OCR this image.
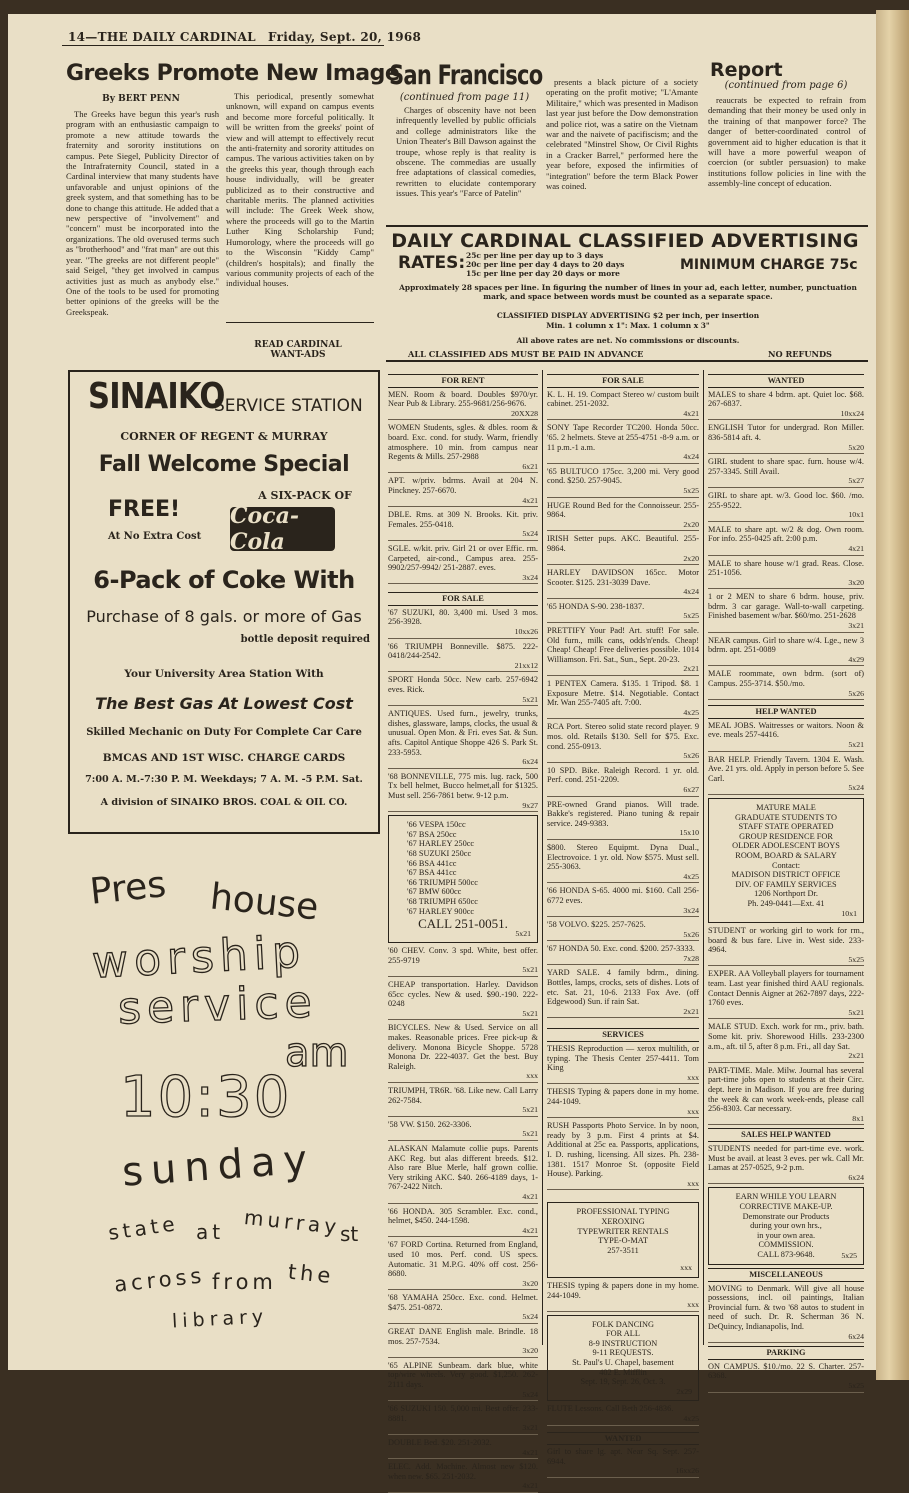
14—THE DAILY CARDINAL Friday, Sept. 20, 1968
Greeks Promote New Image
By BERT PENN

The Greeks have begun this year's rush program with an enthusiastic campaign to promote a new attitude towards the fraternity and sorority institutions on campus. Pete Siegel, Publicity Director of the Intrafraternity Council, stated in a Cardinal interview that many students have unfavorable and unjust opinions of the greek system, and that something has to be done to change this attitude. He added that a new perspective of "involvement" and "concern" must be incorporated into the organizations. The old overused terms such as "brotherhood" and "frat man" are out this year. "The greeks are not different people" said Seigel, "they get involved in campus activities just as much as anybody else." One of the tools to be used for promoting better opinions of the greeks will be the Greekspeak.

This periodical, presently somewhat unknown, will expand on campus events and become more forceful politically. It will be written from the greeks' point of view and will attempt to effectively recut the anti-fraternity and sorority attitudes on campus. The various activities taken on by the greeks this year, though through each house individually, will be greater publicized as to their constructive and charitable merits. The planned activities will include: The Greek Week show, where the proceeds will go to the Martin Luther King Scholarship Fund; Humorology, where the proceeds will go to the Wisconsin "Kiddy Camp" (children's hospitals); and finally the various community projects of each of the individual houses.

READ CARDINAL WANT-ADS
San Francisco
(continued from page 11)

Charges of obscenity have not been infrequently levelled by public officials and college administrators like the Union Theater's Bill Dawson against the troupe, whose reply is that reality is obscene. The commedias are usually free adaptations of classical comedies, rewritten to elucidate contemporary issues. This year's "Farce of Patelin"

presents a black picture of a society operating on the profit motive; "L'Amante Militaire," which was presented in Madison last year just before the Dow demonstration and police riot, was a satire on the Vietnam war and the naivete of pacifiscism; and the celebrated "Minstrel Show, Or Civil Rights in a Cracker Barrel," performed here the year before, exposed the infirmities of "integration" before the term Black Power was coined.

Report
(continued from page 6)

reaucrats be expected to refrain from demanding that their money be used only in the training of that manpower force? The danger of better-coordinated control of government aid to higher education is that it will have a more powerful weapon of coercion (or subtler persuasion) to make institutions follow policies in line with the assembly-line concept of education.

DAILY CARDINAL CLASSIFIED ADVERTISING
RATES: 25c per line per day up to 3 days
20c per line per day 4 days to 20 days
15c per line per day 20 days or more
MINIMUM CHARGE 75c
Approximately 28 spaces per line. In figuring the number of lines in your ad, each letter, number, punctuation mark, and space between words must be counted as a separate space.
CLASSIFIED DISPLAY ADVERTISING $2 per inch, per insertion
Min. 1 column x 1": Max. 1 column x 3"
All above rates are net. No commissions or discounts.
ALL CLASSIFIED ADS MUST BE PAID IN ADVANCE	NO REFUNDS
SINAIKO
SERVICE STATION
CORNER OF REGENT & MURRAY
Fall Welcome Special
A SIX-PACK OF
FREE!
At No Extra Cost
Coca-Cola
6-Pack of Coke With
Purchase of 8 gals. or more of Gas
bottle deposit required
Your University Area Station With
The Best Gas At Lowest Cost
Skilled Mechanic on Duty For Complete Car Care
BMCAS AND 1ST WISC. CHARGE CARDS
7:00 A. M.-7:30 P. M. Weekdays; 7 A. M. -5 P.M. Sat.
A division of SINAIKO BROS. COAL & OIL CO.
Pres house
worship
service
10:30
am
sunday
state at murray
st
across from the
library
FOR RENT
MEN. Room & board. Doubles $970/yr. Near Pub & Library. 255-9681/256-9676.
20XX28
WOMEN Students, sgles. & dbles. room & board. Exc. cond. for study. Warm, friendly atmosphere. 10 min. from campus near Regents & Mills. 257-2988
6x21
APT. w/priv. bdrms. Avail at 204 N. Pinckney. 257-6670.
4x21
DBLE. Rms. at 309 N. Brooks. Kit. priv. Females. 255-0418.
5x24
SGLE. w/kit. priv. Girl 21 or over Effic. rm. Carpeted, air-cond., Campus area. 255-9902/257-9942/ 251-2887. eves.
3x24
FOR SALE
'67 SUZUKI, 80. 3,400 mi. Used 3 mos. 256-3928.
10xx26
'66 TRIUMPH Bonneville. $875. 222-0418/244-2542.
21xx12
SPORT Honda 50cc. New carb. 257-6942 eves. Rick.
5x21
ANTIQUES. Used furn., jewelry, trunks, dishes, glassware, lamps, clocks, the usual & unusual. Open Mon. & Fri. eves Sat. & Sun. afts. Capitol Antique Shoppe 426 S. Park St. 233-5953.
6x24
'68 BONNEVILLE, 775 mis. lug. rack, 500 Tx bell helmet, Bucco helmet,all for $1325. Must sell. 256-7861 betw. 9-12 p.m.
9x27
'66 VESPA 150cc
'67 BSA 250cc
'67 HARLEY 250cc
'68 SUZUKI 250cc
'66 BSA 441cc
'67 BSA 441cc
'66 TRIUMPH 500cc
'67 BMW 600cc
'68 TRIUMPH 650cc
'67 HARLEY 900cc
CALL 251-0051.
5x21
'60 CHEV. Conv. 3 spd. White, best offer. 255-9719
5x21
CHEAP transportation. Harley. Davidson 65cc cycles. New & used. $90.-190. 222-0248
5x21
BICYCLES. New & Used. Service on all makes. Reasonable prices. Free pick-up & delivery. Monona Bicycle Shoppe. 5728 Monona Dr. 222-4037. Get the best. Buy Raleigh.
xxx
TRIUMPH, TR6R. '68. Like new. Call Larry 262-7584.
5x21
'58 VW. $150. 262-3306.
5x21
ALASKAN Malamute collie pups. Parents AKC Reg. but alas different breeds. $12. Also rare Blue Merle, half grown collie. Very striking AKC. $40. 266-4189 days, 1-767-2422 Nitch.
4x21
'66 HONDA. 305 Scrambler. Exc. cond., helmet, $450. 244-1598.
4x21
'67 FORD Cortina. Returned from England, used 10 mos. Perf. cond. US specs. Automatic. 31 M.P.G. 40% off cost. 256-8680.
3x20
'68 YAMAHA 250cc. Exc. cond. Helmet. $475. 251-0872.
5x24
GREAT DANE English male. Brindle. 18 mos. 257-7534.
3x20
'65 ALPINE Sunbeam. dark blue, white top/wire wheels. Very good. $1,250. 262-2111 days.
5x24
'66 SUZUKI 150. 5,000 mi. Best offer. 233-8881.
3x21
DOUBLE Bed. $20. 251-2032.
4x21
ELEC. Add. Machine. Almost new $120. when new. $65. 251-2032.
4x21
FOR SALE
K. L. H. 19. Compact Stereo w/ custom built cabinet. 251-2032.
4x21
SONY Tape Recorder TC200. Honda 50cc. '65. 2 helmets. Steve at 255-4751 -8-9 a.m. or 11 p.m.-1 a.m.
4x24
'65 BULTUCO 175cc. 3,200 mi. Very good cond. $250. 257-9045.
5x25
HUGE Round Bed for the Connoisseur. 255-9864.
2x20
IRISH Setter pups. AKC. Beautiful. 255-9864.
2x20
HARLEY DAVIDSON 165cc. Motor Scooter. $125. 231-3039 Dave.
4x24
'65 HONDA S-90. 238-1837.
5x25
PRETTIFY Your Pad! Art. stuff! For sale. Old furn., milk cans, odds'n'ends. Cheap! Cheap! Cheap! Free deliveries possible. 1014 Williamson. Fri. Sat., Sun., Sept. 20-23.
2x21
1 PENTEX Camera. $135. 1 Tripod. $8. 1 Exposure Metre. $14. Negotiable. Contact Mr. Wan 255-7405 aft. 7:00.
4x25
RCA Port. Stereo solid state record player. 9 mos. old. Retails $130. Sell for $75. Exc. cond. 255-0913.
5x26
10 SPD. Bike. Raleigh Record. 1 yr. old. Perf. cond. 251-2209.
6x27
PRE-owned Grand pianos. Will trade. Bakke's registered. Piano tuning & repair service. 249-9383.
15x10
$800. Stereo Equipmt. Dyna Dual., Electrovoice. 1 yr. old. Now $575. Must sell. 255-3063.
4x25
'66 HONDA S-65. 4000 mi. $160. Call 256-6772 eves.
3x24
'58 VOLVO. $225. 257-7625.
5x26
'67 HONDA 50. Exc. cond. $200. 257-3333.
7x28
YARD SALE. 4 family bdrm., dining. Bottles, lamps, crocks, sets of dishes. Lots of etc. Sat. 21, 10-6. 2133 Fox Ave. (off Edgewood) Sun. if rain Sat.
2x21
SERVICES
THESIS Reproduction — xerox multilith, or typing. The Thesis Center 257-4411. Tom King
xxx
THESIS Typing & papers done in my home. 244-1049.
xxx
RUSH Passports Photo Service. In by noon, ready by 3 p.m. First 4 prints at $4. Additional at 25c ea. Passports, applications, I. D. rushing, licensing. All sizes. Ph. 238-1381. 1517 Monroe St. (opposite Field House). Parking.
xxx
PROFESSIONAL TYPING
XEROXING
TYPEWRITER RENTALS
TYPE-O-MAT
257-3511
xxx
THESIS typing & papers done in my home. 244-1049.
xxx
FOLK DANCING
FOR ALL
8-9 INSTRUCTION
9-11 REQUESTS.
St. Paul's U. Chapel, basement
402 E. Mifflin
Sept. 19, Sept. 26, Oct. 3.
2x29
FLUTE Lessons. Call Beth 256-4836.
4x25
WANTED
Girl to share lg. apt. Near Sq. Sept. 257-6944.
16xx26
WANTED
MALES to share 4 bdrm. apt. Quiet loc. $68. 267-6837.
10xx24
ENGLISH Tutor for undergrad. Ron Miller. 836-5814 aft. 4.
5x20
GIRL student to share spac. furn. house w/4. 257-3345. Still Avail.
5x27
GIRL to share apt. w/3. Good loc. $60. /mo. 255-9522.
10x1
MALE to share apt. w/2 & dog. Own room. For info. 255-0425 aft. 2:00 p.m.
4x21
MALE to share house w/1 grad. Reas. Close. 251-1056.
3x20
1 or 2 MEN to share 6 bdrm. house, priv. bdrm. 3 car garage. Wall-to-wall carpeting. Finished basement w/bar. $60/mo. 251-2628
3x21
NEAR campus. Girl to share w/4. Lge., new 3 bdrm. apt. 251-0089
4x29
MALE roommate, own bdrm. (sort of) Campus. 255-3714. $50./mo.
5x26
HELP WANTED
MEAL JOBS. Waitresses or waitors. Noon & eve. meals 257-4416.
5x21
BAR HELP. Friendly Tavern. 1304 E. Wash. Ave. 21 yrs. old. Apply in person before 5. See Carl.
5x24
MATURE MALE
GRADUATE STUDENTS TO
STAFF STATE OPERATED
GROUP RESIDENCE FOR
OLDER ADOLESCENT BOYS
ROOM, BOARD & SALARY
Contact:
MADISON DISTRICT OFFICE
DIV. OF FAMILY SERVICES
1206 Northport Dr.
Ph. 249-0441—Ext. 41
10x1
STUDENT or working girl to work for rm., board & bus fare. Live in. West side. 233-4964.
5x25
EXPER. AA Volleyball players for tournament team. Last year finished third AAU regionals. Contact Dennis Aigner at 262-7897 days, 222-1760 eves.
5x21
MALE STUD. Exch. work for rm., priv. bath. Some kit. priv. Shorewood Hills. 233-2300 a.m., aft. til 5, after 8 p.m. Fri., all day Sat.
2x21
PART-TIME. Male. Milw. Journal has several part-time jobs open to students at their Circ. dept. here in Madison. If you are free during the week & can work week-ends, please call 256-8303. Car necessary.
8x1
SALES HELP WANTED
STUDENTS needed for part-time eve. work. Must be avail. at least 3 eves. per wk. Call Mr. Lamas at 257-0525, 9-2 p.m.
6x24
EARN WHILE YOU LEARN
CORRECTIVE MAKE-UP.
Demonstrate our Products
during your own hrs.,
in your own area.
COMMISSION.
CALL 873-9648.	5x25
MISCELLANEOUS
MOVING to Denmark. Will give all house possessions, incl. oil paintings, Italian Provincial furn. & two '68 autos to student in need of such. Dr. R. Scherman 36 N. DeQuincy, Indianapolis, Ind.
6x24
PARKING
ON CAMPUS. $10./mo. 22 S. Charter. 257-6368.
5x25
